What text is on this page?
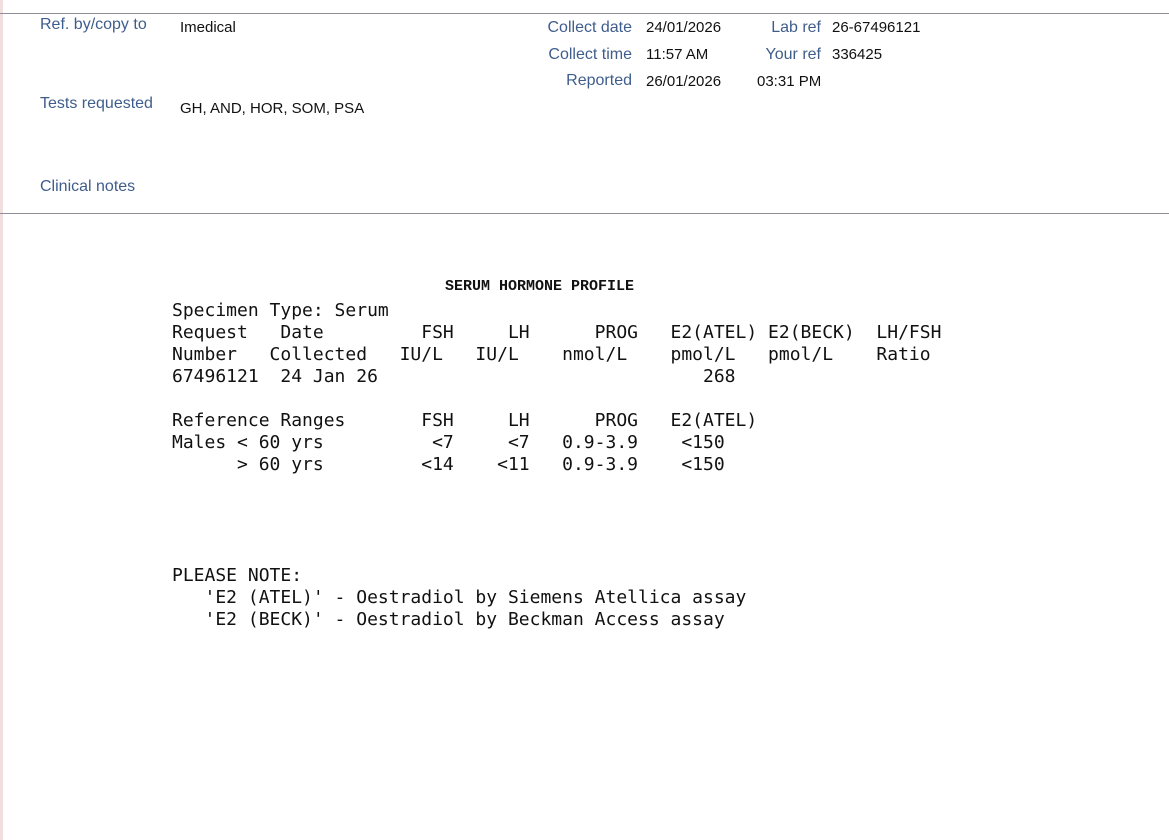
Ref. by/copy to Imedical
Tests requested GH, AND, HOR, SOM, PSA
Clinical notes
Collect date 24/01/2026
Collect time 11:57 AM
Reported 26/01/2026 03:31 PM
Lab ref 26-67496121
Your ref 336425
SERUM HORMONE PROFILE
Specimen Type: Serum
Request   Date         FSH     LH      PROG   E2(ATEL) E2(BECK)  LH/FSH
Number   Collected   IU/L   IU/L    nmol/L    pmol/L   pmol/L    Ratio
67496121  24 Jan 26                              268
Reference Ranges       FSH     LH      PROG   E2(ATEL)
Males < 60 yrs          <7     <7   0.9-3.9    <150
> 60 yrs         <14    <11   0.9-3.9    <150
PLEASE NOTE:
'E2 (ATEL)' - Oestradiol by Siemens Atellica assay
'E2 (BECK)' - Oestradiol by Beckman Access assay
